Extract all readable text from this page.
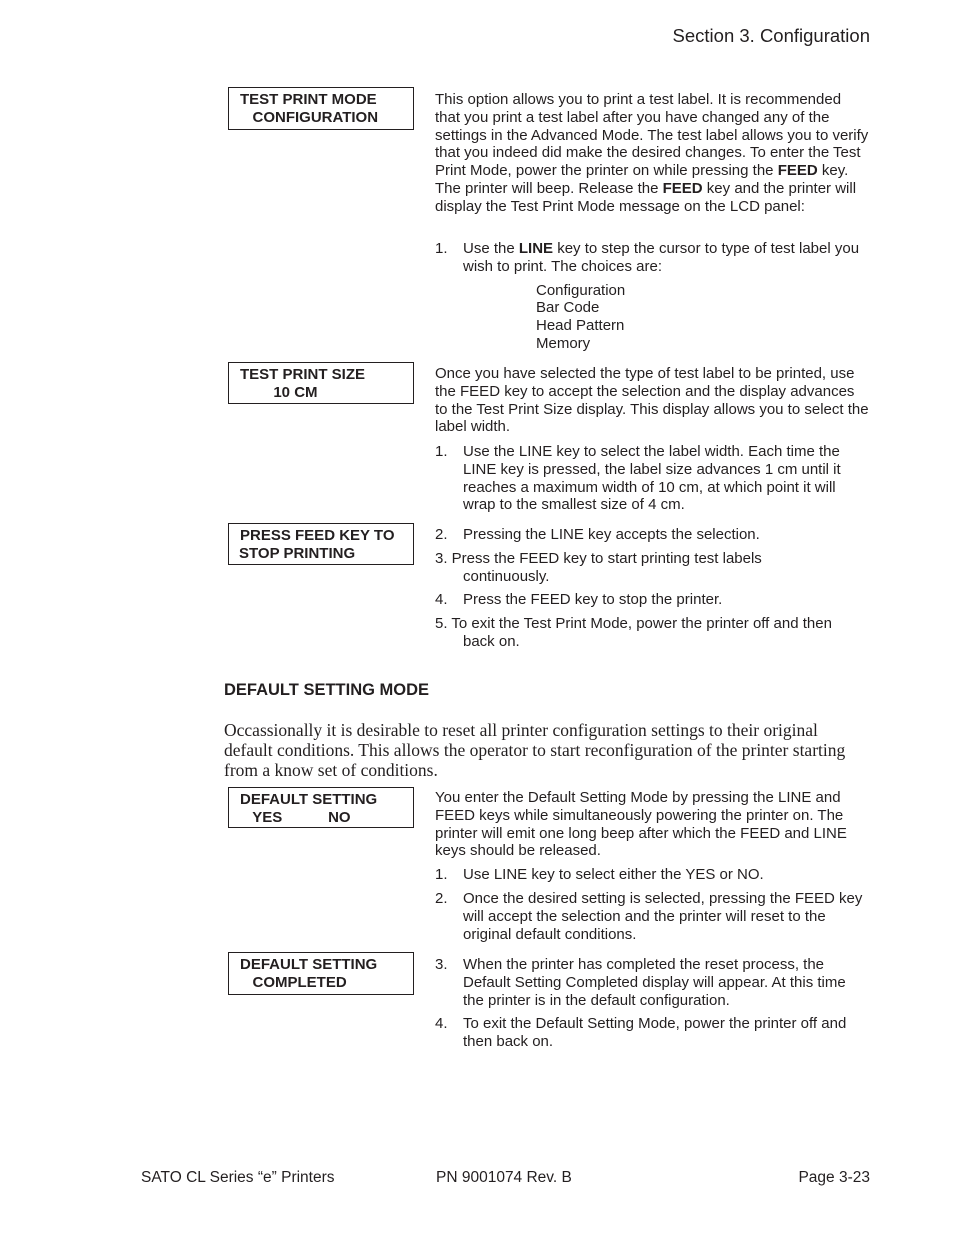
Section 3. Configuration
TEST PRINT MODE
CONFIGURATION
This option allows you to print a test label. It is recommended that you print a test label after you have changed any of the settings in the Advanced Mode. The test label allows you to verify that you indeed did make the desired changes. To enter the Test Print Mode, power the printer on while pressing the FEED key. The printer will beep. Release the FEED key and the printer will display the Test Print Mode message on the LCD panel:
1. Use the LINE key to step the cursor to type of test label you wish to print. The choices are:
Configuration
Bar Code
Head Pattern
Memory
TEST PRINT SIZE
10 CM
Once you have selected the type of test label to be printed, use the FEED key to accept the selection and the display advances to the Test Print Size display. This display allows you to select the label width.
1. Use the LINE key to select the label width. Each time the LINE key is pressed, the label size advances 1 cm until it reaches a maximum width of 10 cm, at which point it will wrap to the smallest size of 4 cm.
PRESS FEED KEY TO
STOP PRINTING
2. Pressing the LINE key accepts the selection.
3. Press the FEED key to start printing test labels
continuously.
4. Press the FEED key to stop the printer.
5. To exit the Test Print Mode, power the printer off and then
back on.
DEFAULT SETTING MODE
Occassionally it is desirable to reset all printer configuration settings to their original default conditions. This allows the operator to start reconfiguration of the printer starting from a know set of conditions.
DEFAULT SETTING
YES           NO
You enter the Default Setting Mode by pressing the LINE and FEED keys while simultaneously powering the printer on. The printer will emit one long beep after which the FEED and LINE keys should be released.
1. Use LINE key to select either the YES or NO.
2. Once the desired setting is selected, pressing the FEED key will accept the selection and the printer will reset to the original default conditions.
DEFAULT SETTING
COMPLETED
3. When the printer has completed the reset process, the Default Setting Completed display will appear. At this time the printer is in the default configuration.
4. To exit the Default Setting Mode, power the printer off and then back on.
SATO CL Series “e” Printers	PN 9001074 Rev. B	Page 3-23
